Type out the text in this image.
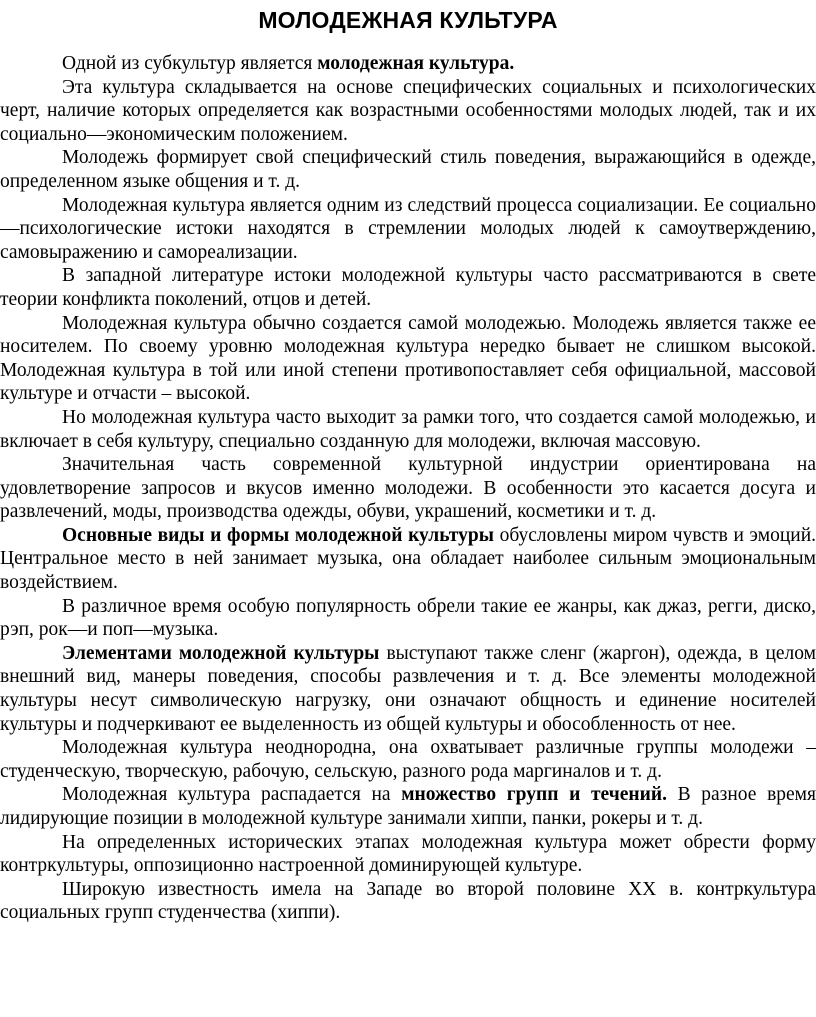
МОЛОДЕЖНАЯ КУЛЬТУРА

Одной из субкультур является молодежная культура.

Эта культура складывается на основе специфических социальных и психологических черт, наличие которых определяется как возрастными особенностями молодых людей, так и их социально—экономическим положением.

Молодежь формирует свой специфический стиль поведения, выражающийся в одежде, определенном языке общения и т. д.

Молодежная культура является одним из следствий процесса социализации. Ее социально—психологические истоки находятся в стремлении молодых людей к самоутверждению, самовыражению и самореализации.

В западной литературе истоки молодежной культуры часто рассматриваются в свете теории конфликта поколений, отцов и детей.

Молодежная культура обычно создается самой молодежью. Молодежь является также ее носителем. По своему уровню молодежная культура нередко бывает не слишком высокой. Молодежная культура в той или иной степени противопоставляет себя официальной, массовой культуре и отчасти – высокой.

Но молодежная культура часто выходит за рамки того, что создается самой молодежью, и включает в себя культуру, специально созданную для молодежи, включая массовую.

Значительная часть современной культурной индустрии ориентирована на удовлетворение запросов и вкусов именно молодежи. В особенности это касается досуга и развлечений, моды, производства одежды, обуви, украшений, косметики и т. д.

Основные виды и формы молодежной культуры обусловлены миром чувств и эмоций. Центральное место в ней занимает музыка, она обладает наиболее сильным эмоциональным воздействием.

В различное время особую популярность обрели такие ее жанры, как джаз, регги, диско, рэп, рок—и поп—музыка.

Элементами молодежной культуры выступают также сленг (жаргон), одежда, в целом внешний вид, манеры поведения, способы развлечения и т. д. Все элементы молодежной культуры несут символическую нагрузку, они означают общность и единение носителей культуры и подчеркивают ее выделенность из общей культуры и обособленность от нее.

Молодежная культура неоднородна, она охватывает различные группы молодежи – студенческую, творческую, рабочую, сельскую, разного рода маргиналов и т. д.

Молодежная культура распадается на множество групп и течений. В разное время лидирующие позиции в молодежной культуре занимали хиппи, панки, рокеры и т. д.

На определенных исторических этапах молодежная культура может обрести форму контркультуры, оппозиционно настроенной доминирующей культуре.

Широкую известность имела на Западе во второй половине XX в. контркультура социальных групп студенчества (хиппи).
